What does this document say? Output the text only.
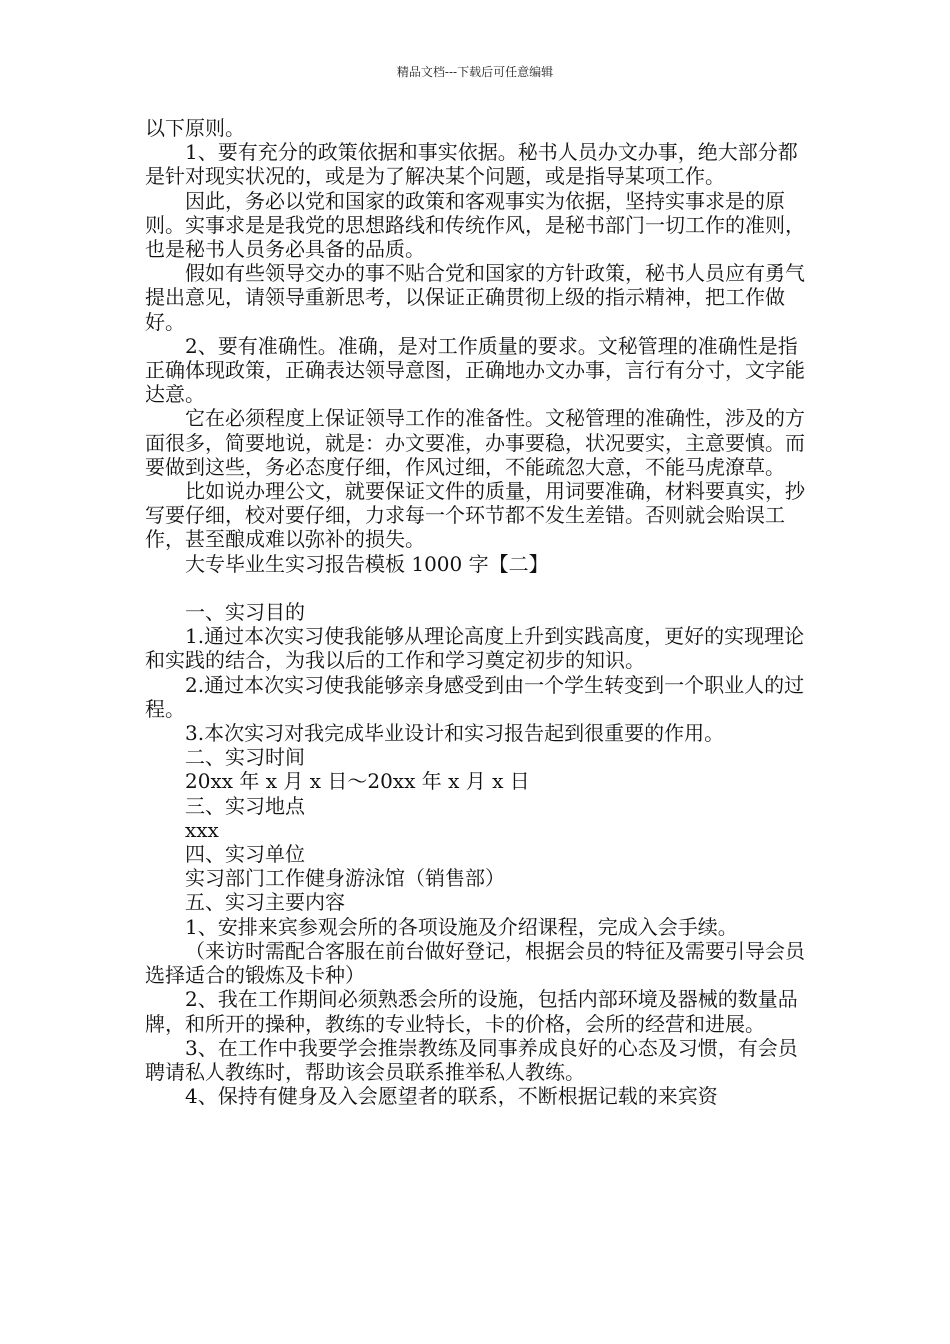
精品文档---下载后可任意编辑

以下原则。

1、要有充分的政策依据和事实依据。秘书人员办文办事，绝大部分都是针对现实状况的，或是为了解决某个问题，或是指导某项工作。

因此，务必以党和国家的政策和客观事实为依据，坚持实事求是的原则。实事求是是我党的思想路线和传统作风，是秘书部门一切工作的准则，也是秘书人员务必具备的品质。

假如有些领导交办的事不贴合党和国家的方针政策，秘书人员应有勇气提出意见，请领导重新思考，以保证正确贯彻上级的指示精神，把工作做好。

2、要有准确性。准确，是对工作质量的要求。文秘管理的准确性是指正确体现政策，正确表达领导意图，正确地办文办事，言行有分寸，文字能达意。

它在必须程度上保证领导工作的准备性。文秘管理的准确性，涉及的方面很多，简要地说，就是：办文要准，办事要稳，状况要实，主意要慎。而要做到这些，务必态度仔细，作风过细，不能疏忽大意，不能马虎潦草。

比如说办理公文，就要保证文件的质量，用词要准确，材料要真实，抄写要仔细，校对要仔细，力求每一个环节都不发生差错。否则就会贻误工作，甚至酿成难以弥补的损失。

大专毕业生实习报告模板 1000 字【二】

一、实习目的

1.通过本次实习使我能够从理论高度上升到实践高度，更好的实现理论和实践的结合，为我以后的工作和学习奠定初步的知识。

2.通过本次实习使我能够亲身感受到由一个学生转变到一个职业人的过程。

3.本次实习对我完成毕业设计和实习报告起到很重要的作用。

二、实习时间

20xx 年 x 月 x 日～20xx 年 x 月 x 日

三、实习地点

xxx

四、实习单位

实习部门工作健身游泳馆（销售部）

五、实习主要内容

1、安排来宾参观会所的各项设施及介绍课程，完成入会手续。

（来访时需配合客服在前台做好登记，根据会员的特征及需要引导会员选择适合的锻炼及卡种）

2、我在工作期间必须熟悉会所的设施，包括内部环境及器械的数量品牌，和所开的操种，教练的专业特长，卡的价格，会所的经营和进展。

3、在工作中我要学会推崇教练及同事养成良好的心态及习惯，有会员聘请私人教练时，帮助该会员联系推举私人教练。

4、保持有健身及入会愿望者的联系，不断根据记载的来宾资
